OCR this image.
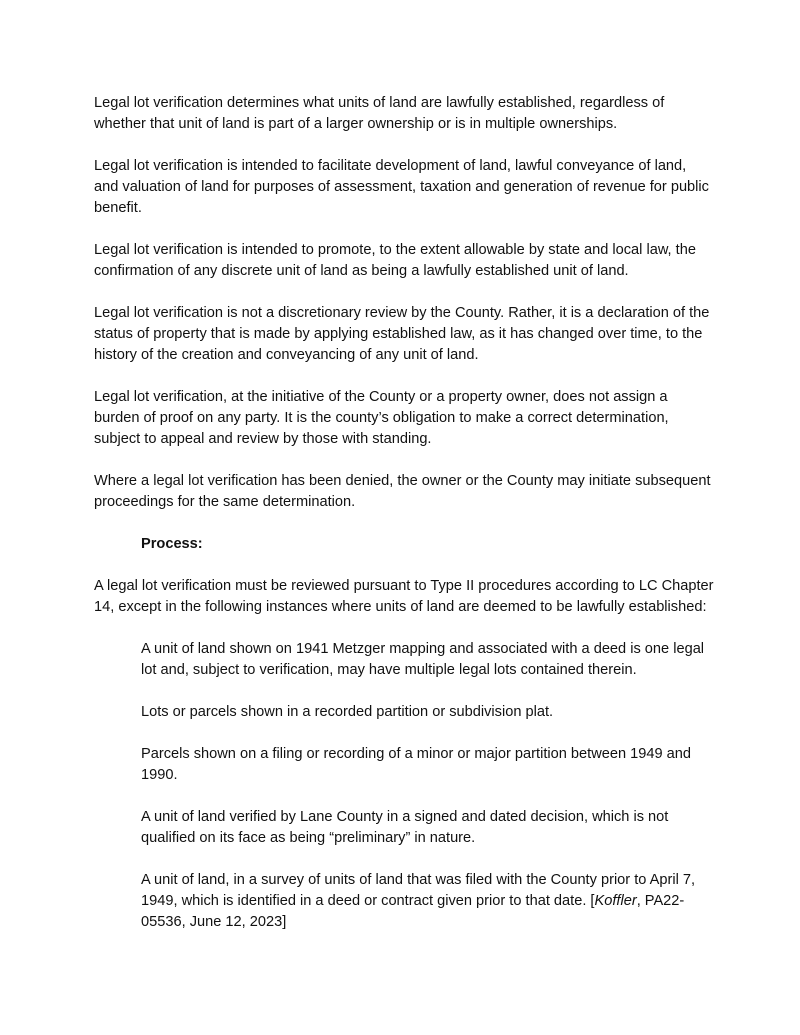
Legal lot verification determines what units of land are lawfully established, regardless of whether that unit of land is part of a larger ownership or is in multiple ownerships.

Legal lot verification is intended to facilitate development of land, lawful conveyance of land, and valuation of land for purposes of assessment, taxation and generation of revenue for public benefit.

Legal lot verification is intended to promote, to the extent allowable by state and local law, the confirmation of any discrete unit of land as being a lawfully established unit of land.

Legal lot verification is not a discretionary review by the County. Rather, it is a declaration of the status of property that is made by applying established law, as it has changed over time, to the history of the creation and conveyancing of any unit of land.

Legal lot verification, at the initiative of the County or a property owner, does not assign a burden of proof on any party. It is the county’s obligation to make a correct determination, subject to appeal and review by those with standing.

Where a legal lot verification has been denied, the owner or the County may initiate subsequent proceedings for the same determination.

Process:

A legal lot verification must be reviewed pursuant to Type II procedures according to LC Chapter 14, except in the following instances where units of land are deemed to be lawfully established:

A unit of land shown on 1941 Metzger mapping and associated with a deed is one legal lot and, subject to verification, may have multiple legal lots contained therein.

Lots or parcels shown in a recorded partition or subdivision plat.

Parcels shown on a filing or recording of a minor or major partition between 1949 and 1990.

A unit of land verified by Lane County in a signed and dated decision, which is not qualified on its face as being “preliminary” in nature.

A unit of land, in a survey of units of land that was filed with the County prior to April 7, 1949, which is identified in a deed or contract given prior to that date. [Koffler, PA22-05536, June 12, 2023]
